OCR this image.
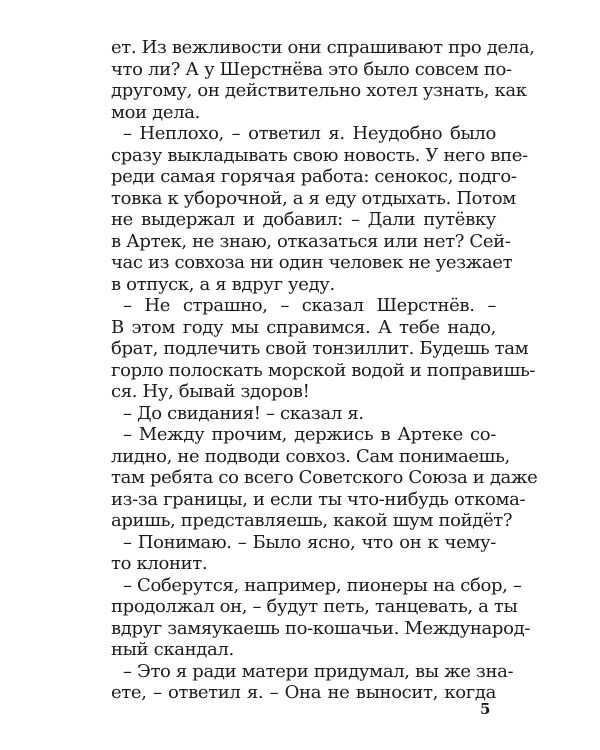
ет. Из вежливости они спрашивают про дела,
что ли? А у Шерстнёва это было совсем по-
другому, он действительно хотел узнать, как
мои дела.
– Неплохо, – ответил я. Неудобно было
сразу выкладывать свою новость. У него впе-
реди самая горячая работа: сенокос, подго-
товка к уборочной, а я еду отдыхать. Потом
не выдержал и добавил: – Дали путёвку
в Артек, не знаю, отказаться или нет? Сей-
час из совхоза ни один человек не уезжает
в отпуск, а я вдруг уеду.
– Не страшно, – сказал Шерстнёв. –
В этом году мы справимся. А тебе надо,
брат, подлечить свой тонзиллит. Будешь там
горло полоскать морской водой и поправишь-
ся. Ну, бывай здоров!
– До свидания! – сказал я.
– Между прочим, держись в Артеке со-
лидно, не подводи совхоз. Сам понимаешь,
там ребята со всего Советского Союза и даже
из-за границы, и если ты что-нибудь откома-
аришь, представляешь, какой шум пойдёт?
– Понимаю. – Было ясно, что он к чему-
то клонит.
– Соберутся, например, пионеры на сбор, –
продолжал он, – будут петь, танцевать, а ты
вдруг замяукаешь по-кошачьи. Международ-
ный скандал.
– Это я ради матери придумал, вы же зна-
ете, – ответил я. – Она не выносит, когда
5
